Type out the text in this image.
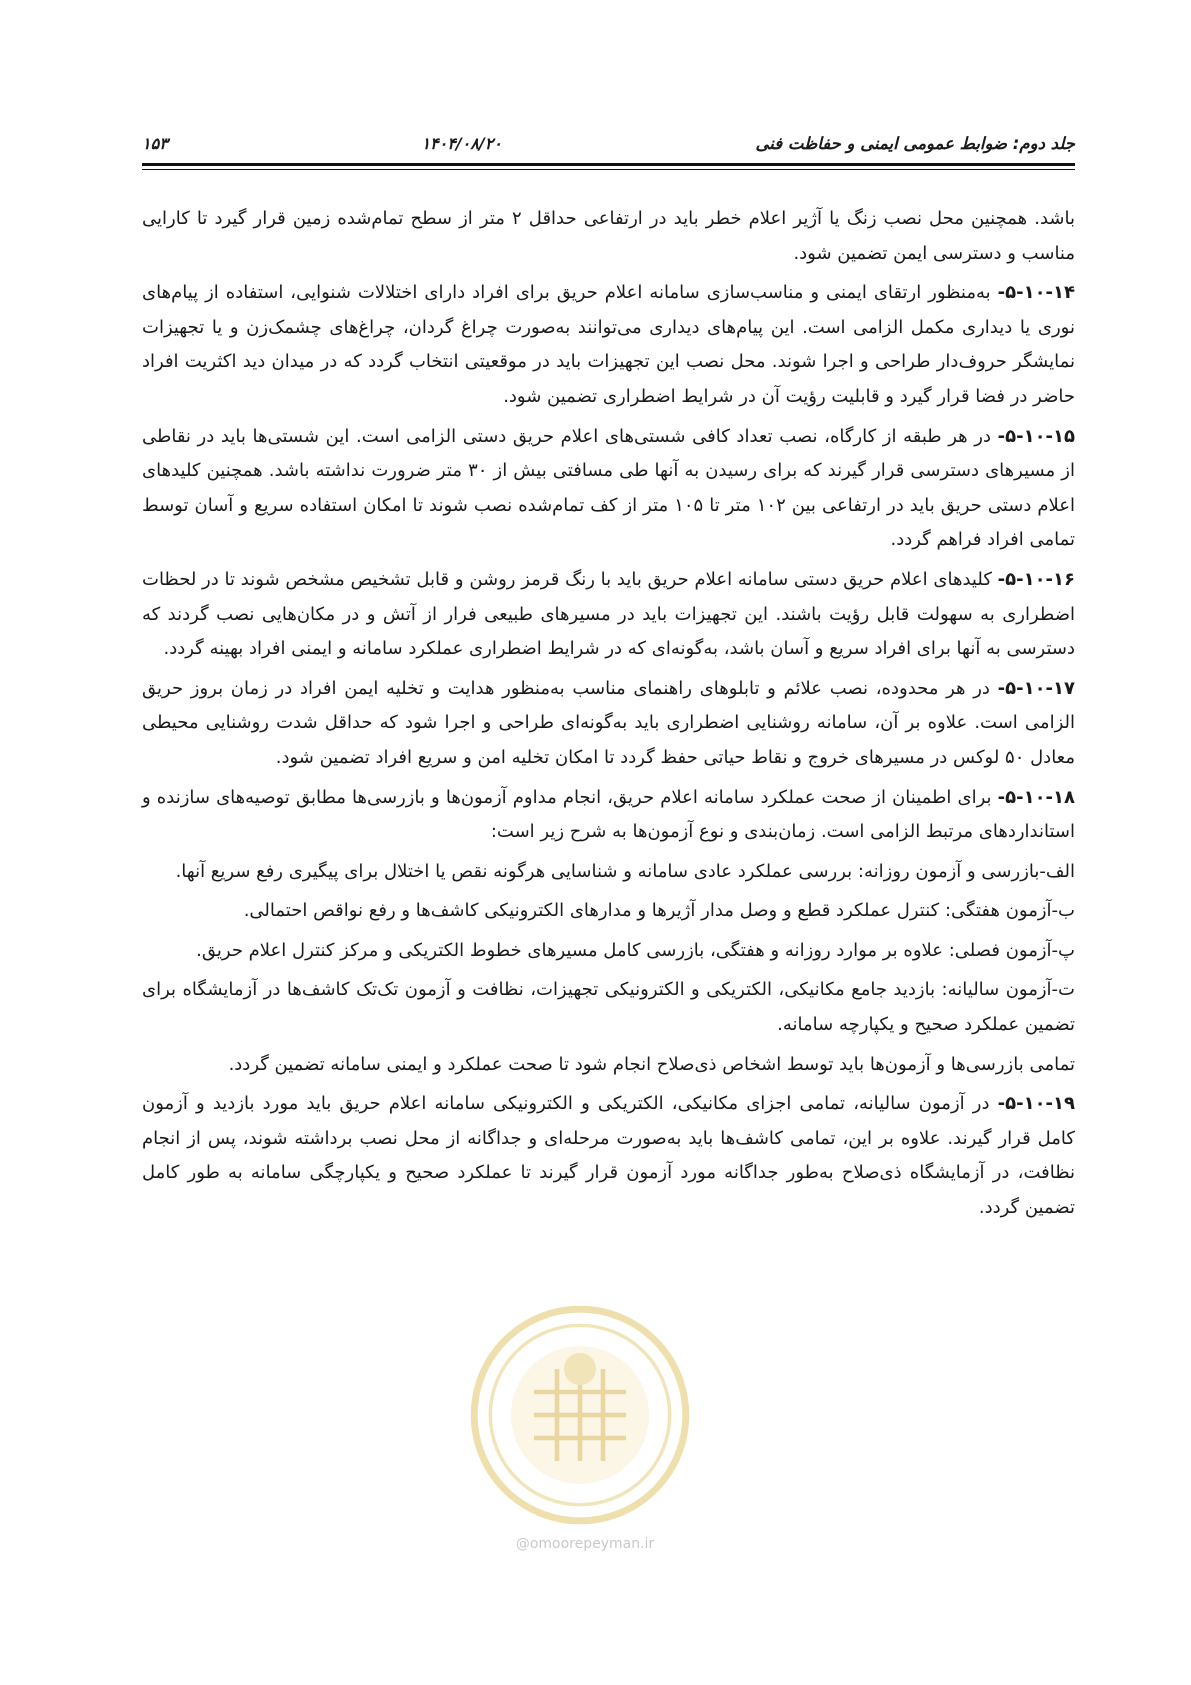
جلد دوم: ضوابط عمومی ایمنی و حفاظت فنی
۱۴۰۴/۰۸/۲۰
۱۵۳
@omoorepeyman.ir

باشد. همچنین محل نصب زنگ یا آژیر اعلام خطر باید در ارتفاعی حداقل ۲ متر از سطح تمام‌شده زمین قرار گیرد تا کارایی مناسب و دسترسی ایمن تضمین شود.

۵-۱۰-۱۴- به‌منظور ارتقای ایمنی و مناسب‌سازی سامانه اعلام حریق برای افراد دارای اختلالات شنوایی، استفاده از پیام‌های نوری یا دیداری مکمل الزامی است. این پیام‌های دیداری می‌توانند به‌صورت چراغ گردان، چراغ‌های چشمک‌زن و یا تجهیزات نمایشگر حروف‌دار طراحی و اجرا شوند. محل نصب این تجهیزات باید در موقعیتی انتخاب گردد که در میدان دید اکثریت افراد حاضر در فضا قرار گیرد و قابلیت رؤیت آن در شرایط اضطراری تضمین شود.

۵-۱۰-۱۵- در هر طبقه از کارگاه، نصب تعداد کافی شستی‌های اعلام حریق دستی الزامی است. این شستی‌ها باید در نقاطی از مسیرهای دسترسی قرار گیرند که برای رسیدن به آنها طی مسافتی بیش از ۳۰ متر ضرورت نداشته باشد. همچنین کلیدهای اعلام دستی حریق باید در ارتفاعی بین ۱۰۲ متر تا ۱۰۵ متر از کف تمام‌شده نصب شوند تا امکان استفاده سریع و آسان توسط تمامی افراد فراهم گردد.

۵-۱۰-۱۶- کلیدهای اعلام حریق دستی سامانه اعلام حریق باید با رنگ قرمز روشن و قابل تشخیص مشخص شوند تا در لحظات اضطراری به سهولت قابل رؤیت باشند. این تجهیزات باید در مسیرهای طبیعی فرار از آتش و در مکان‌هایی نصب گردند که دسترسی به آنها برای افراد سریع و آسان باشد، به‌گونه‌ای که در شرایط اضطراری عملکرد سامانه و ایمنی افراد بهینه گردد.

۵-۱۰-۱۷- در هر محدوده، نصب علائم و تابلوهای راهنمای مناسب به‌منظور هدایت و تخلیه ایمن افراد در زمان بروز حریق الزامی است. علاوه بر آن، سامانه روشنایی اضطراری باید به‌گونه‌ای طراحی و اجرا شود که حداقل شدت روشنایی محیطی معادل ۵۰ لوکس در مسیرهای خروج و نقاط حیاتی حفظ گردد تا امکان تخلیه امن و سریع افراد تضمین شود.

۵-۱۰-۱۸- برای اطمینان از صحت عملکرد سامانه اعلام حریق، انجام مداوم آزمون‌ها و بازرسی‌ها مطابق توصیه‌های سازنده و استانداردهای مرتبط الزامی است. زمان‌بندی و نوع آزمون‌ها به شرح زیر است:

الف-بازرسی و آزمون روزانه: بررسی عملکرد عادی سامانه و شناسایی هرگونه نقص یا اختلال برای پیگیری رفع سریع آنها.

ب-آزمون هفتگی: کنترل عملکرد قطع و وصل مدار آژیرها و مدارهای الکترونیکی کاشف‌ها و رفع نواقص احتمالی.

پ-آزمون فصلی: علاوه بر موارد روزانه و هفتگی، بازرسی کامل مسیرهای خطوط الکتریکی و مرکز کنترل اعلام حریق.

ت-آزمون سالیانه: بازدید جامع مکانیکی، الکتریکی و الکترونیکی تجهیزات، نظافت و آزمون تک‌تک کاشف‌ها در آزمایشگاه برای تضمین عملکرد صحیح و یکپارچه سامانه.

تمامی بازرسی‌ها و آزمون‌ها باید توسط اشخاص ذی‌صلاح انجام شود تا صحت عملکرد و ایمنی سامانه تضمین گردد.

۵-۱۰-۱۹- در آزمون سالیانه، تمامی اجزای مکانیکی، الکتریکی و الکترونیکی سامانه اعلام حریق باید مورد بازدید و آزمون کامل قرار گیرند. علاوه بر این، تمامی کاشف‌ها باید به‌صورت مرحله‌ای و جداگانه از محل نصب برداشته شوند، پس از انجام نظافت، در آزمایشگاه ذی‌صلاح به‌طور جداگانه مورد آزمون قرار گیرند تا عملکرد صحیح و یکپارچگی سامانه به طور کامل تضمین گردد.
